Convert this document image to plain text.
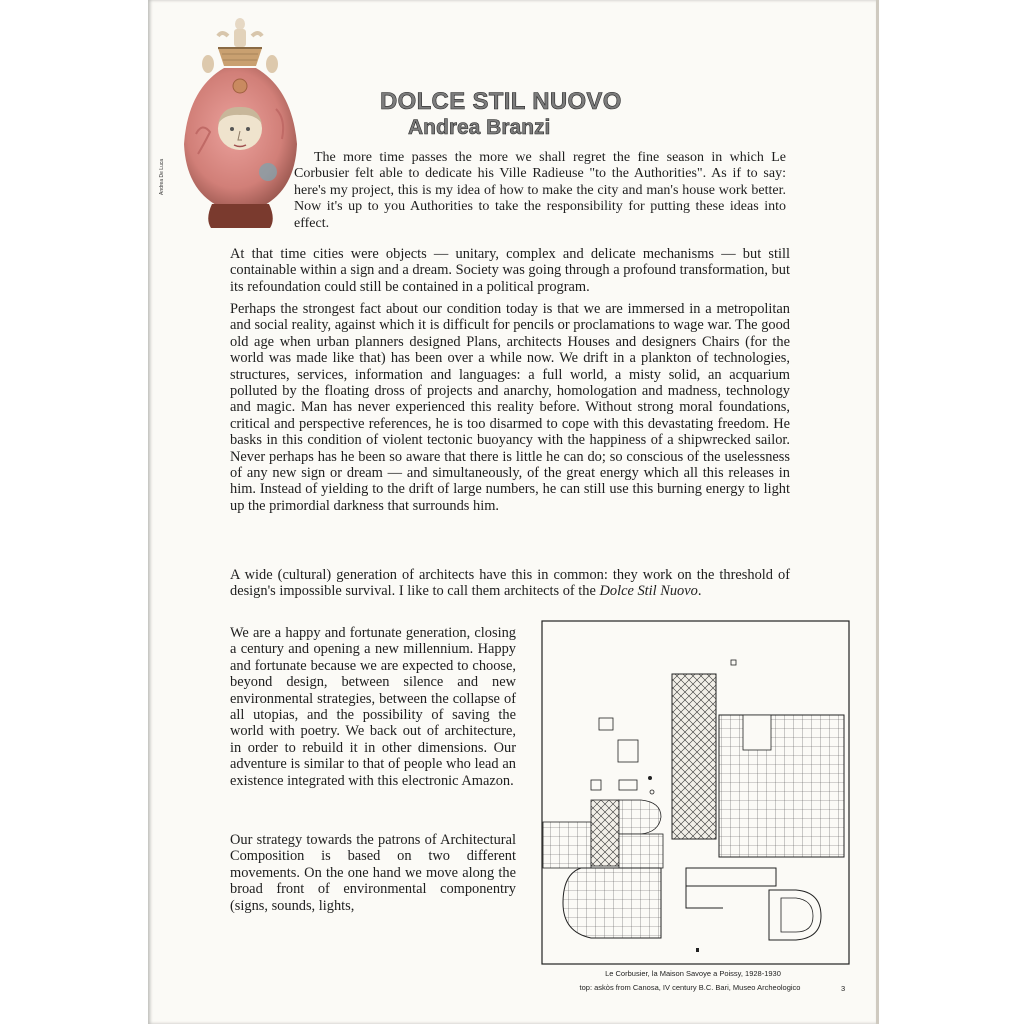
Andrea De Luca
DOLCE STIL NUOVO
Andrea Branzi

The more time passes the more we shall regret the fine season in which Le Corbusier felt able to dedicate his Ville Radieuse "to the Authorities". As if to say: here's my project, this is my idea of how to make the city and man's house work better. Now it's up to you Authorities to take the responsibility for putting these ideas into effect.

At that time cities were objects — unitary, complex and delicate mechanisms — but still containable within a sign and a dream. Society was going through a profound transformation, but its refoundation could still be contained in a political program.

Perhaps the strongest fact about our condition today is that we are immersed in a metropolitan and social reality, against which it is difficult for pencils or proclamations to wage war. The good old age when urban planners designed Plans, architects Houses and designers Chairs (for the world was made like that) has been over a while now. We drift in a plankton of technologies, structures, services, information and languages: a full world, a misty solid, an acquarium polluted by the floating dross of projects and anarchy, homologation and madness, technology and magic. Man has never experienced this reality before. Without strong moral foundations, critical and perspective references, he is too disarmed to cope with this devastating freedom. He basks in this condition of violent tectonic buoyancy with the happiness of a shipwrecked sailor. Never perhaps has he been so aware that there is little he can do; so conscious of the uselessness of any new sign or dream — and simultaneously, of the great energy which all this releases in him. Instead of yielding to the drift of large numbers, he can still use this burning energy to light up the primordial darkness that surrounds him.

A wide (cultural) generation of architects have this in common: they work on the threshold of design's impossible survival. I like to call them architects of the Dolce Stil Nuovo.

We are a happy and fortunate generation, closing a century and opening a new millennium. Happy and fortunate because we are expected to choose, beyond design, between silence and new environmental strategies, between the collapse of all utopias, and the possibility of saving the world with poetry. We back out of architecture, in order to rebuild it in other dimensions. Our adventure is similar to that of people who lead an existence integrated with this electronic Amazon.

Our strategy towards the patrons of Architectural Composition is based on two different movements. On the one hand we move along the broad front of environmental componentry (signs, sounds, lights,

Le Corbusier, la Maison Savoye a Poissy, 1928-1930
top: askòs from Canosa, IV century B.C. Bari, Museo Archeologico	3
